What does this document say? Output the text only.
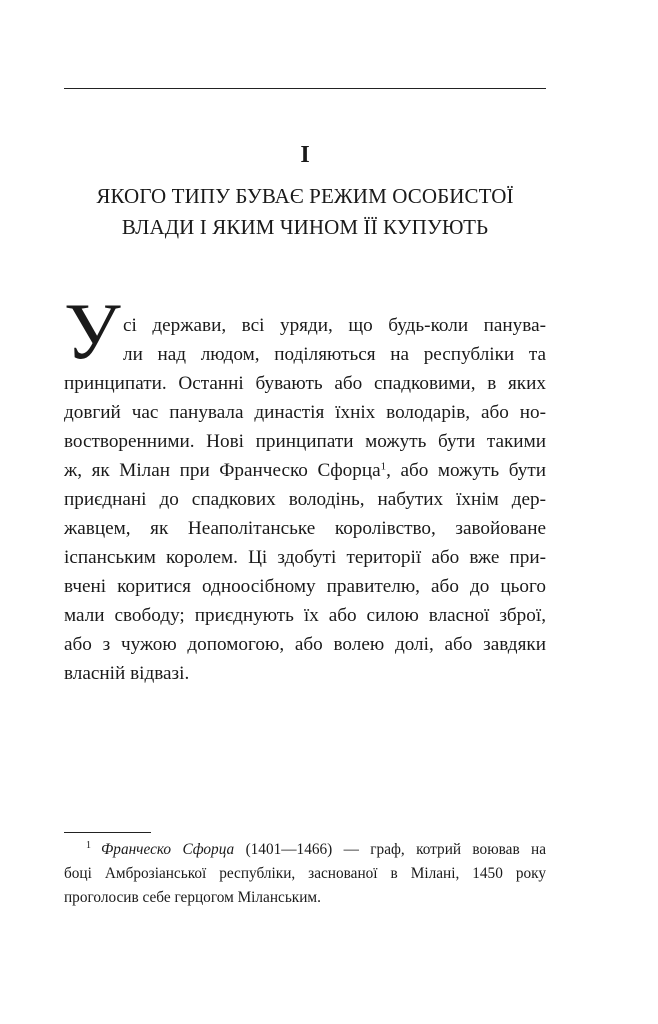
I
ЯКОГО ТИПУ БУВАЄ РЕЖИМ ОСОБИСТОЇ
ВЛАДИ І ЯКИМ ЧИНОМ ЇЇ КУПУЮТЬ
У сі держави, всі уряди, що будь-коли панува-
ли над людом, поділяються на республіки та
принципати. Останні бувають або спадковими, в яких
довгий час панувала династія їхніх володарів, або но-
востворенними. Нові принципати можуть бути такими
ж, як Мілан при Франческо Сфорца$^1$, або можуть бути
приєднані до спадкових володінь, набутих їхнім дер-
жавцем, як Неаполітанське королівство, завойоване
іспанським королем. Ці здобуті території або вже при-
вчені коритися одноосібному правителю, або до цього
мали свободу; приєднують їх або силою власної зброї,
або з чужою допомогою, або волею долі, або завдяки
власній відвазі.
$^1$ Франческо Сфорца (1401—1466) — граф, котрий воював на
боці Амброзіанської республіки, заснованої в Мілані, 1450 року
проголосив себе герцогом Міланським.
